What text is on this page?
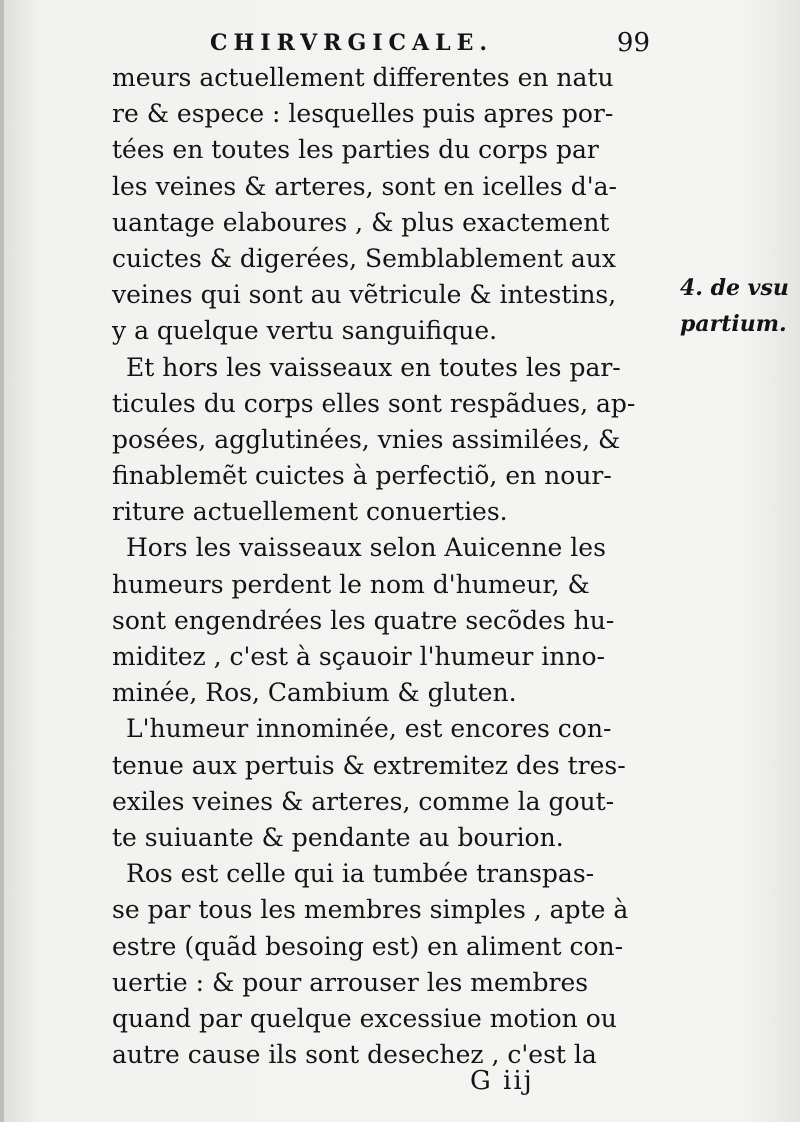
CHIRVRGICALE.	99
meurs actuellement differentes en natu
re & espece : lesquelles puis apres por-
tées en toutes les parties du corps par
les veines & arteres, sont en icelles d'a-
uantage elaboures , & plus exactement
cuictes & digerées, Semblablement aux
veines qui sont au vẽtricule & intestins,
y a quelque vertu sanguifique.
Et hors les vaisseaux en toutes les par-
ticules du corps elles sont respãdues, ap-
posées, agglutinées, vnies assimilées, &
finablemẽt cuictes à perfectiõ, en nour-
riture actuellement conuerties.
Hors les vaisseaux selon Auicenne les
humeurs perdent le nom d'humeur, &
sont engendrées les quatre secõdes hu-
miditez , c'est à sçauoir l'humeur inno-
minée, Ros, Cambium & gluten.
L'humeur innominée, est encores con-
tenue aux pertuis & extremitez des tres-
exiles veines & arteres, comme la gout-
te suiuante & pendante au bourion.
Ros est celle qui ia tumbée transpas-
se par tous les membres simples , apte à
estre (quãd besoing est) en aliment con-
uertie : & pour arrouser les membres
quand par quelque excessiue motion ou
autre cause ils sont desechez , c'est la
4. de vsu
partium.
G iij
